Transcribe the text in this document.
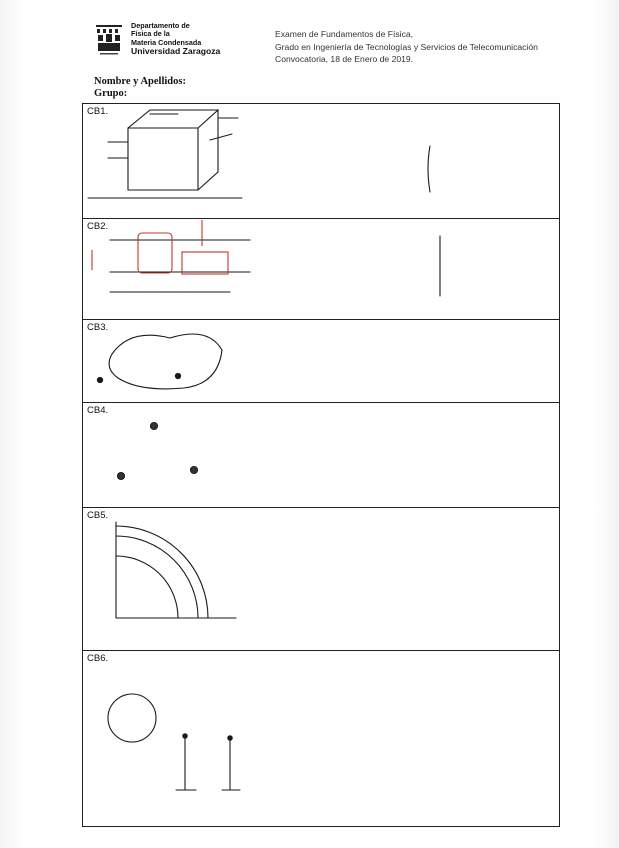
Departamento de
Física de la
Materia Condensada
Universidad Zaragoza
Examen de Fundamentos de Física,
Grado en Ingeniería de Tecnologías y Servicios de Telecomunicación
Convocatoria, 18 de Enero de 2019.
Nombre y Apellidos:
Grupo:
CB1.
CB2.
CB3.
CB4.
CB5.
CB6.
